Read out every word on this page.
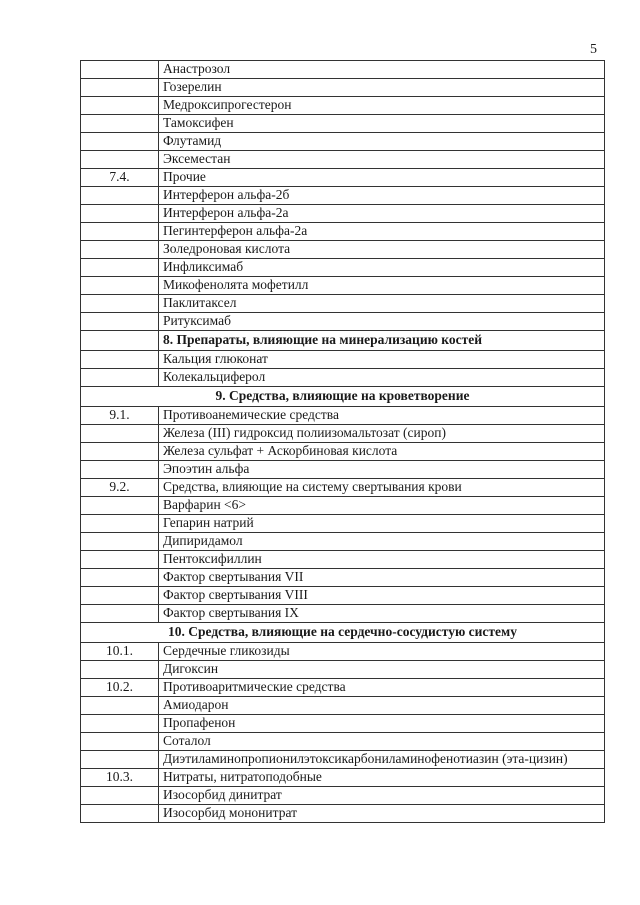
5
	Анастрозол
	Гозерелин
	Медроксипрогестерон
	Тамоксифен
	Флутамид
	Эксеместан
7.4.	Прочие
	Интерферон альфа-2б
	Интерферон альфа-2а
	Пегинтерферон альфа-2а
	Золедроновая кислота
	Инфликсимаб
	Микофенолята мофетилл
	Паклитаксел
	Ритуксимаб
	8. Препараты, влияющие на минерализацию костей
	Кальция глюконат
	Колекальциферол
9. Средства, влияющие на кроветворение	
9.1.	Противоанемические средства
	Железа (III) гидроксид полиизомальтозат (сироп)
	Железа сульфат + Аскорбиновая кислота
	Эпоэтин альфа
9.2.	Средства, влияющие на систему свертывания крови
	Варфарин <6>
	Гепарин натрий
	Дипиридамол
	Пентоксифиллин
	Фактор свертывания VII
	Фактор свертывания VIII
	Фактор свертывания IX
10. Средства, влияющие на сердечно-сосудистую систему	
10.1.	Сердечные гликозиды
	Дигоксин
10.2.	Противоаритмические средства
	Амиодарон
	Пропафенон
	Соталол
	Диэтиламинопропионилэтоксикарбониламинофенотиазин (эта-цизин)
10.3.	Нитраты, нитратоподобные
	Изосорбид динитрат
	Изосорбид мононитрат
